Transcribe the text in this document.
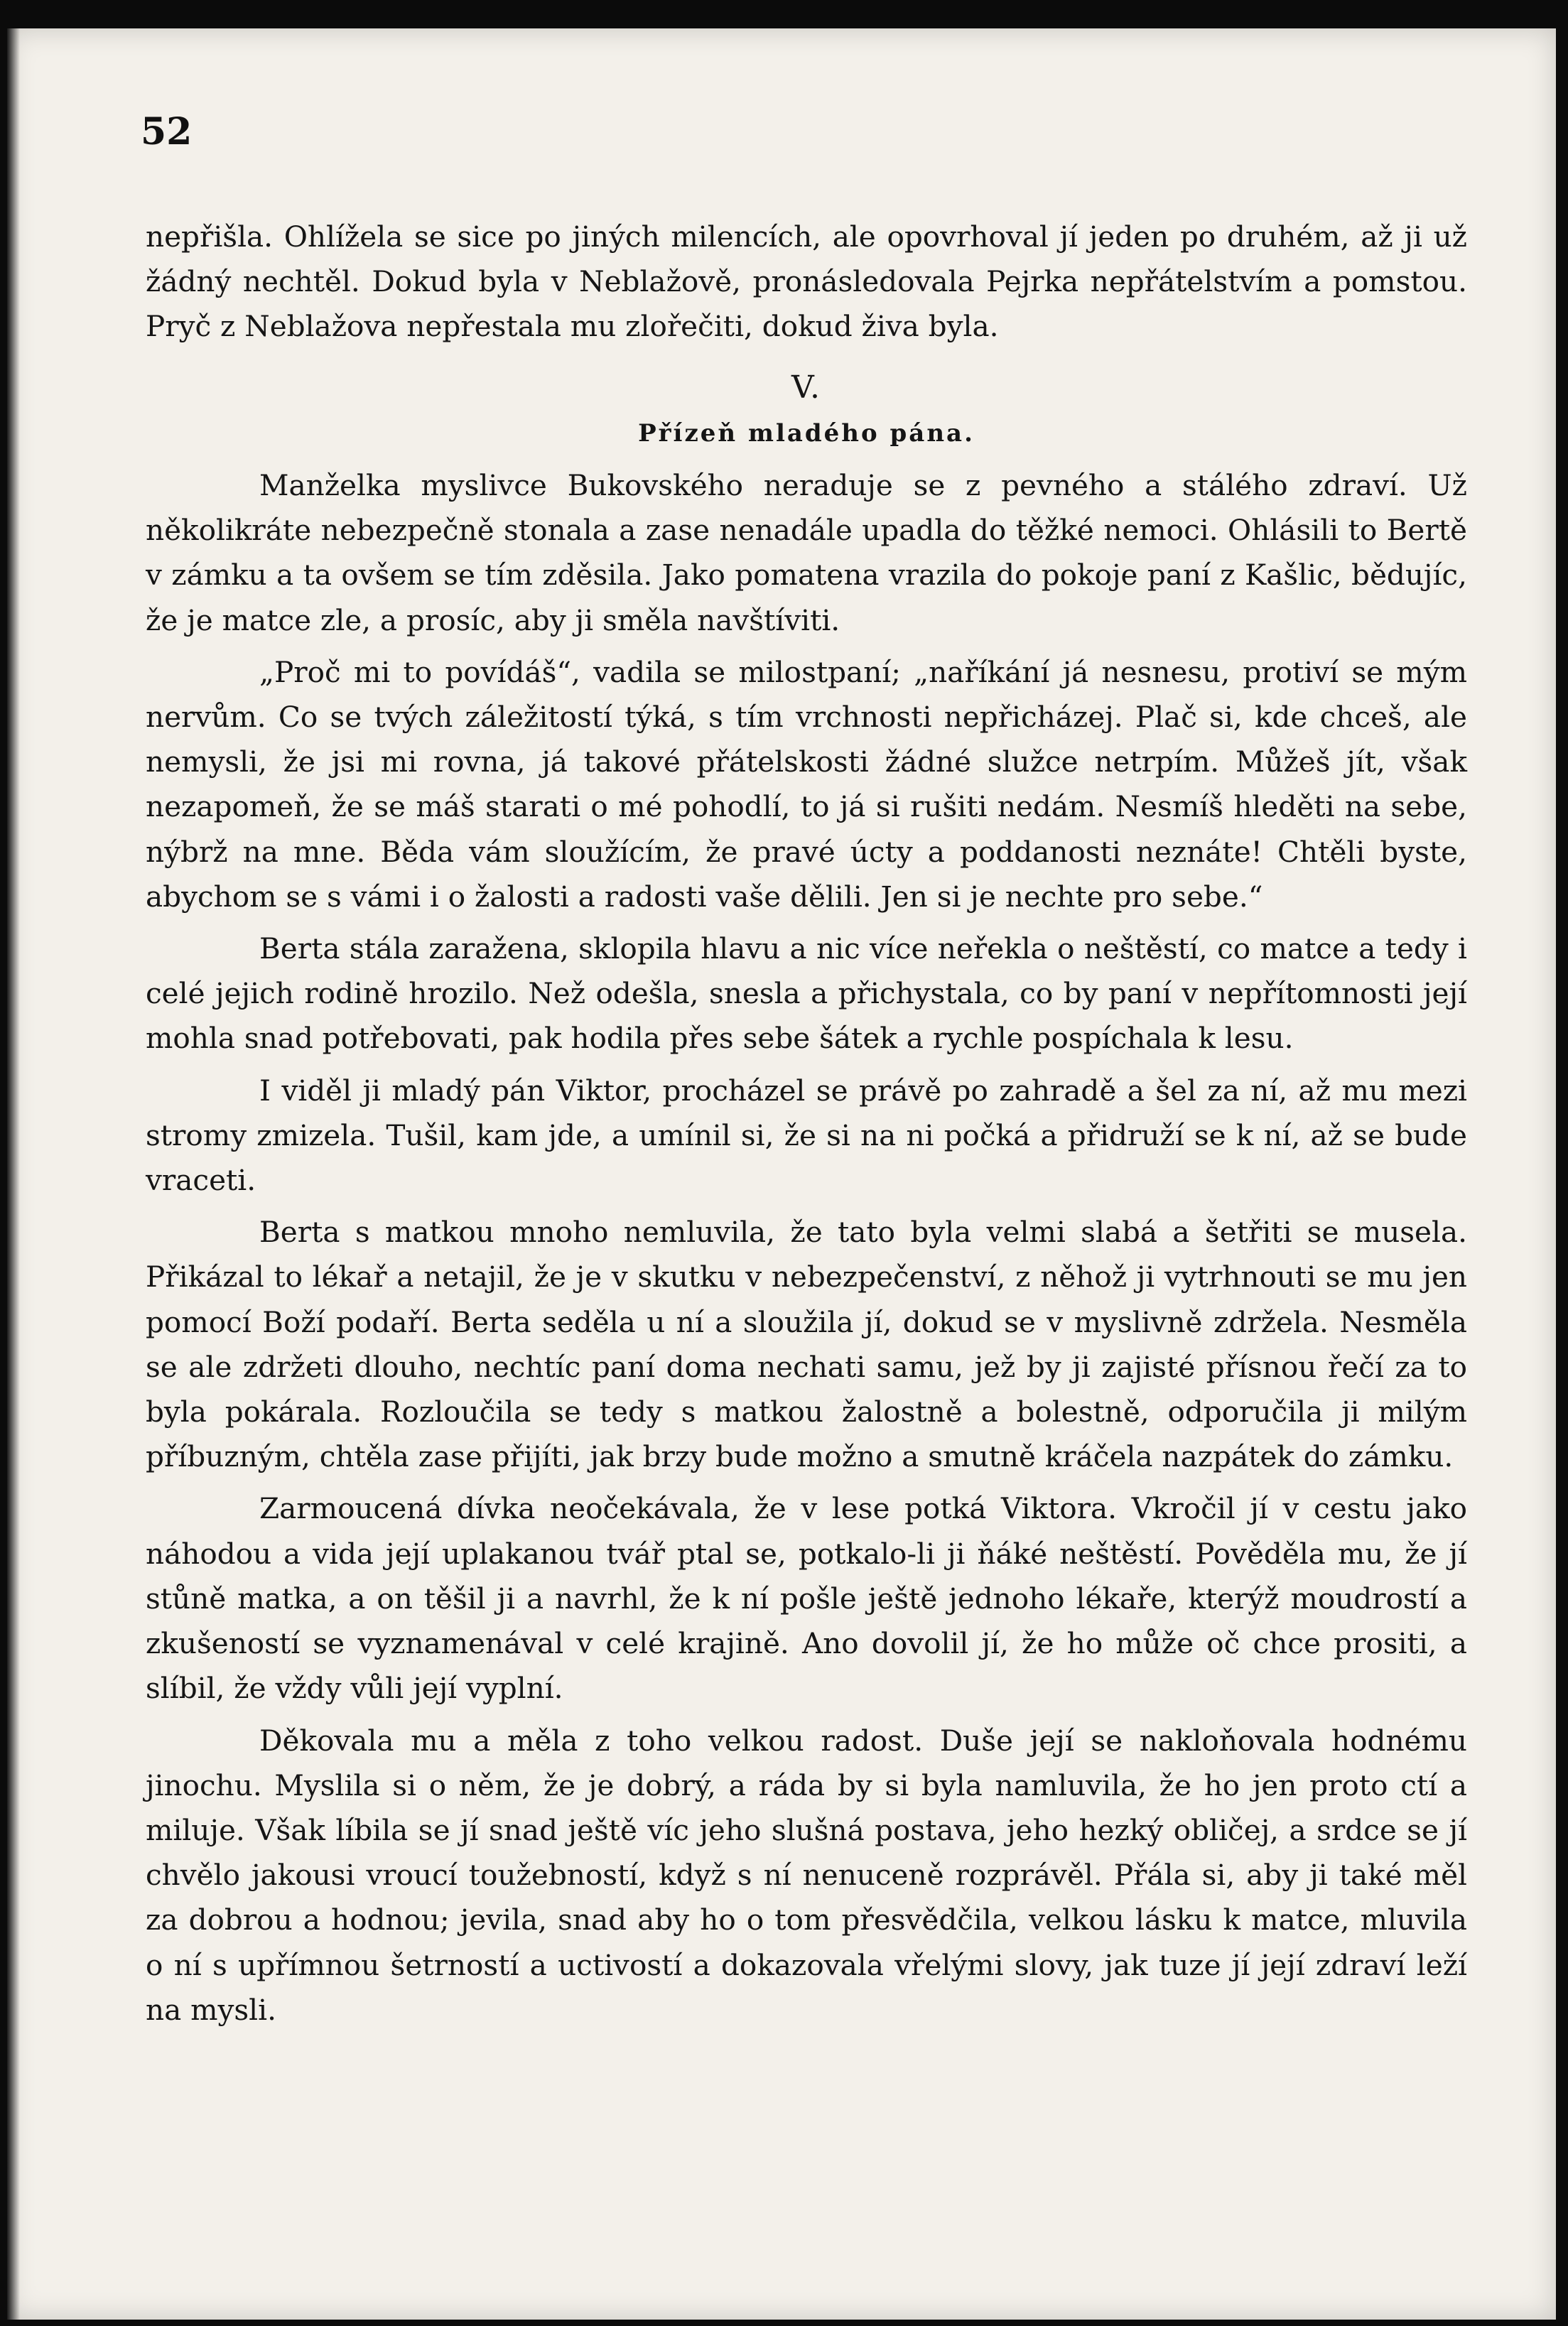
52

nepřišla. Ohlížela se sice po jiných milencích, ale opovrhoval jí jeden po druhém, až ji už žádný nechtěl. Dokud byla v Neblažově, pronásledovala Pejrka nepřátelstvím a pomstou. Pryč z Neblažova nepřestala mu zlořečiti, dokud živa byla.

V.
Přízeň mladého pána.

Manželka myslivce Bukovského neraduje se z pevného a stálého zdraví. Už několikráte nebezpečně stonala a zase nenadále upadla do těžké nemoci. Ohlásili to Bertě v zámku a ta ovšem se tím zděsila. Jako pomatena vrazila do pokoje paní z Kašlic, bědujíc, že je matce zle, a prosíc, aby ji směla navštíviti.

„Proč mi to povídáš“, vadila se milostpaní; „naříkání já nesnesu, protiví se mým nervům. Co se tvých záležitostí týká, s tím vrchnosti nepřicházej. Plač si, kde chceš, ale nemysli, že jsi mi rovna, já takové přátelskosti žádné služce netrpím. Můžeš jít, však nezapomeň, že se máš starati o mé pohodlí, to já si rušiti nedám. Nesmíš hleděti na sebe, nýbrž na mne. Běda vám sloužícím, že pravé úcty a poddanosti neznáte! Chtěli byste, abychom se s vámi i o žalosti a radosti vaše dělili. Jen si je nechte pro sebe.“

Berta stála zaražena, sklopila hlavu a nic více neřekla o neštěstí, co matce a tedy i celé jejich rodině hrozilo. Než odešla, snesla a přichystala, co by paní v nepřítomnosti její mohla snad potřebovati, pak hodila přes sebe šátek a rychle pospíchala k lesu.

I viděl ji mladý pán Viktor, procházel se právě po zahradě a šel za ní, až mu mezi stromy zmizela. Tušil, kam jde, a umínil si, že si na ni počká a přidruží se k ní, až se bude vraceti.

Berta s matkou mnoho nemluvila, že tato byla velmi slabá a šetřiti se musela. Přikázal to lékař a netajil, že je v skutku v nebezpečenství, z něhož ji vytrhnouti se mu jen pomocí Boží podaří. Berta seděla u ní a sloužila jí, dokud se v myslivně zdržela. Nesměla se ale zdržeti dlouho, nechtíc paní doma nechati samu, jež by ji zajisté přísnou řečí za to byla pokárala. Rozloučila se tedy s matkou žalostně a bolestně, odporučila ji milým příbuzným, chtěla zase přijíti, jak brzy bude možno a smutně kráčela nazpátek do zámku.

Zarmoucená dívka neočekávala, že v lese potká Viktora. Vkročil jí v cestu jako náhodou a vida její uplakanou tvář ptal se, potkalo-li ji ňáké neštěstí. Pověděla mu, že jí stůně matka, a on těšil ji a navrhl, že k ní pošle ještě jednoho lékaře, kterýž moudrostí a zkušeností se vyznamenával v celé krajině. Ano dovolil jí, že ho může oč chce prositi, a slíbil, že vždy vůli její vyplní.

Děkovala mu a měla z toho velkou radost. Duše její se nakloňovala hodnému jinochu. Myslila si o něm, že je dobrý, a ráda by si byla namluvila, že ho jen proto ctí a miluje. Však líbila se jí snad ještě víc jeho slušná postava, jeho hezký obličej, a srdce se jí chvělo jakousi vroucí toužebností, když s ní nenuceně rozprávěl. Přála si, aby ji také měl za dobrou a hodnou; jevila, snad aby ho o tom přesvědčila, velkou lásku k matce, mluvila o ní s upřímnou šetrností a uctivostí a dokazovala vřelými slovy, jak tuze jí její zdraví leží na mysli.
